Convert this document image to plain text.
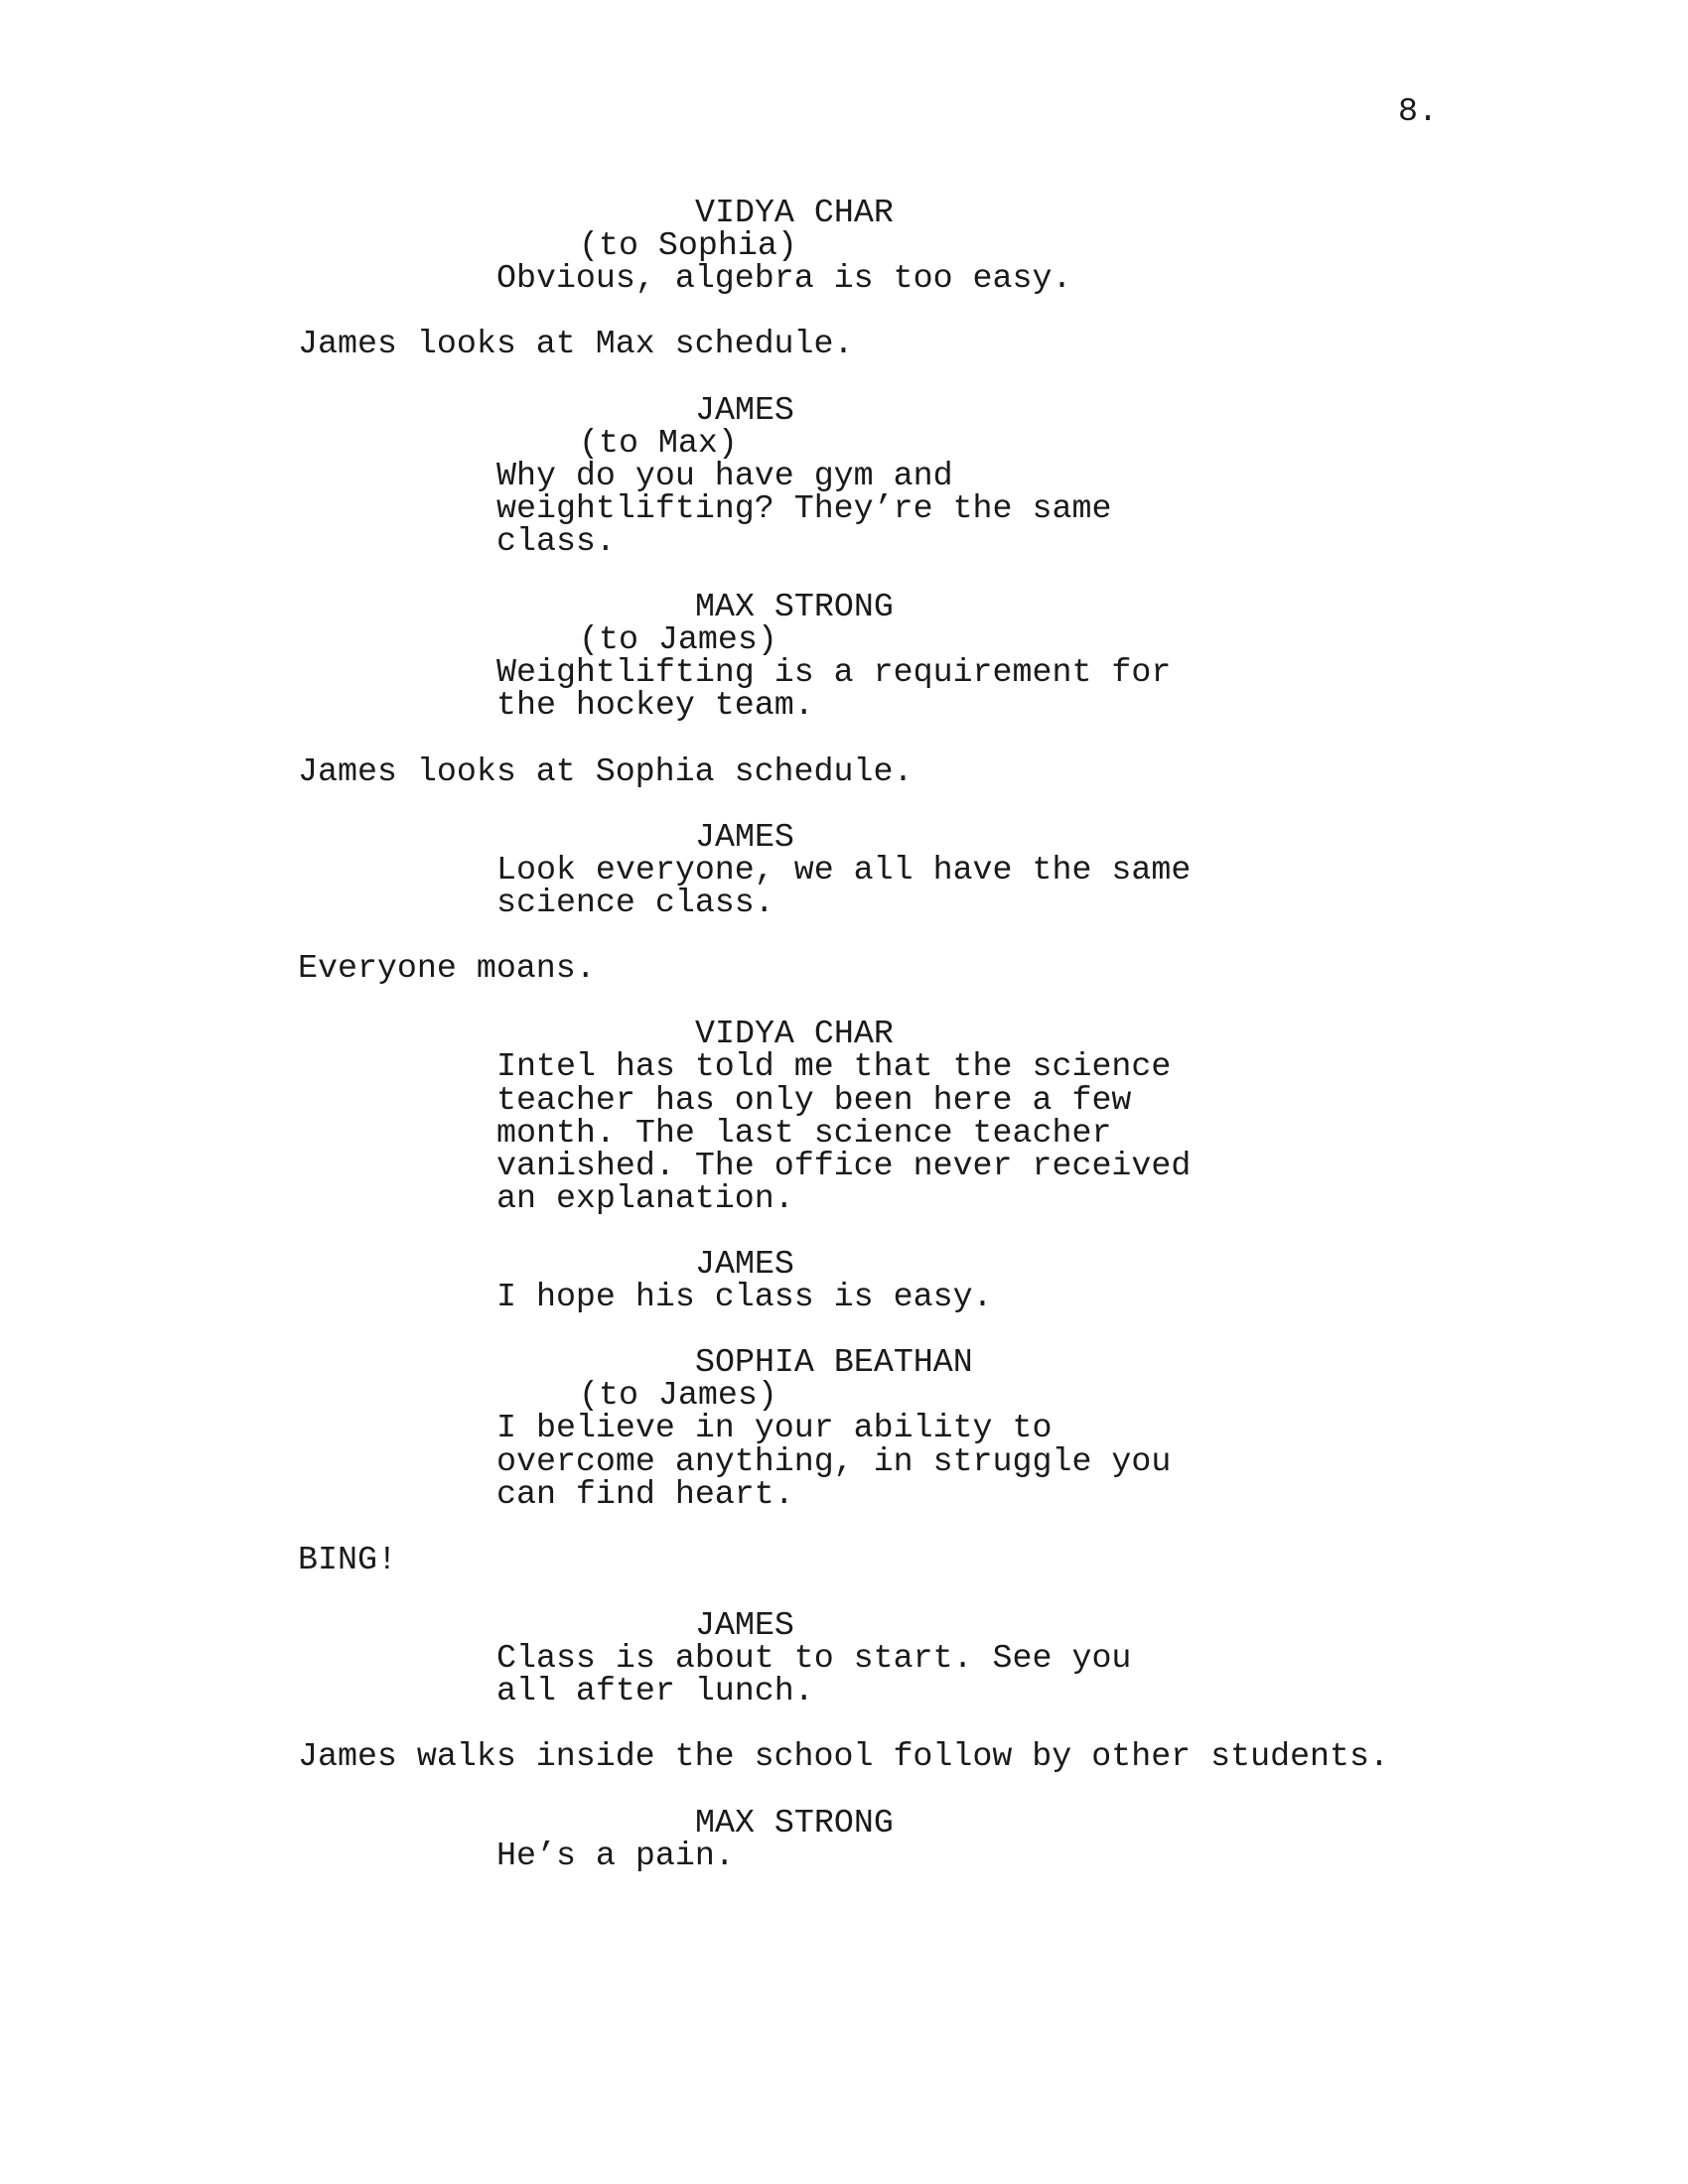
8.
VIDYA CHAR
(to Sophia)
Obvious, algebra is too easy.
James looks at Max schedule.
JAMES
(to Max)
Why do you have gym and
weightlifting? They’re the same
class.
MAX STRONG
(to James)
Weightlifting is a requirement for
the hockey team.
James looks at Sophia schedule.
JAMES
Look everyone, we all have the same
science class.
Everyone moans.
VIDYA CHAR
Intel has told me that the science
teacher has only been here a few
month. The last science teacher
vanished. The office never received
an explanation.
JAMES
I hope his class is easy.
SOPHIA BEATHAN
(to James)
I believe in your ability to
overcome anything, in struggle you
can find heart.
BING!
JAMES
Class is about to start. See you
all after lunch.
James walks inside the school follow by other students.
MAX STRONG
He’s a pain.
